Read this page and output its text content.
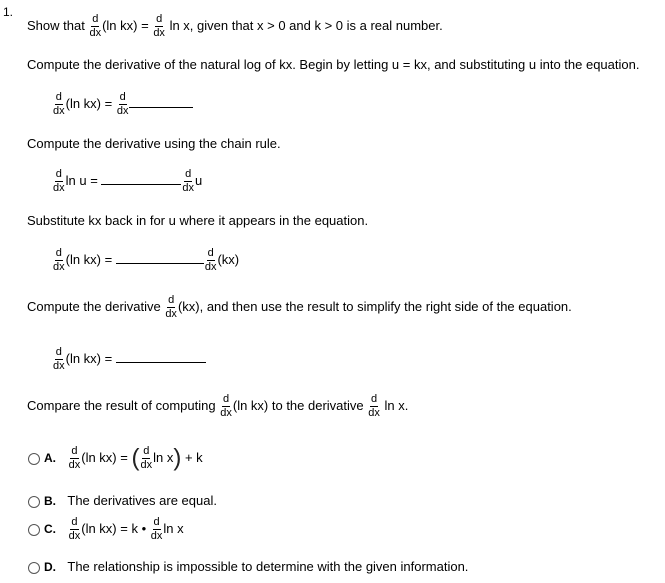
1.
Show that $\frac{d}{dx} (\ln$ $kx) = \frac{d}{dx}$ ln x, given that x > 0 and k > 0 is a real number.
Compute the derivative of the natural log of kx. Begin by letting u = kx, and substituting u into the equation.
$\frac{d}{dx} (\ln$ $kx) = \frac{d}{dx}$
Compute the derivative using the chain rule.
$\frac{d}{dx}$ ln u =	$\frac{d}{dx}$ u
Substitute kx back in for u where it appears in the equation.
$\frac{d}{dx} (\ln$ kx) =	$\frac{d}{dx} (kx)$
Compute the derivative $\frac{d}{dx} (kx)$, and then use the result to simplify the right side of the equation.
$\frac{d}{dx} (\ln$ kx) =
Compare the result of computing $\frac{d}{dx} (\ln$ kx) to the derivative $\frac{d}{dx}$ ln x.
A. $\frac{d}{dx} (\ln$ kx) = ( $\frac{d}{dx}$ ln x) + k
B. The derivatives are equal.
C. $\frac{d}{dx} (\ln$ kx) = k • $\frac{d}{dx}$ ln x
D. The relationship is impossible to determine with the given information.
